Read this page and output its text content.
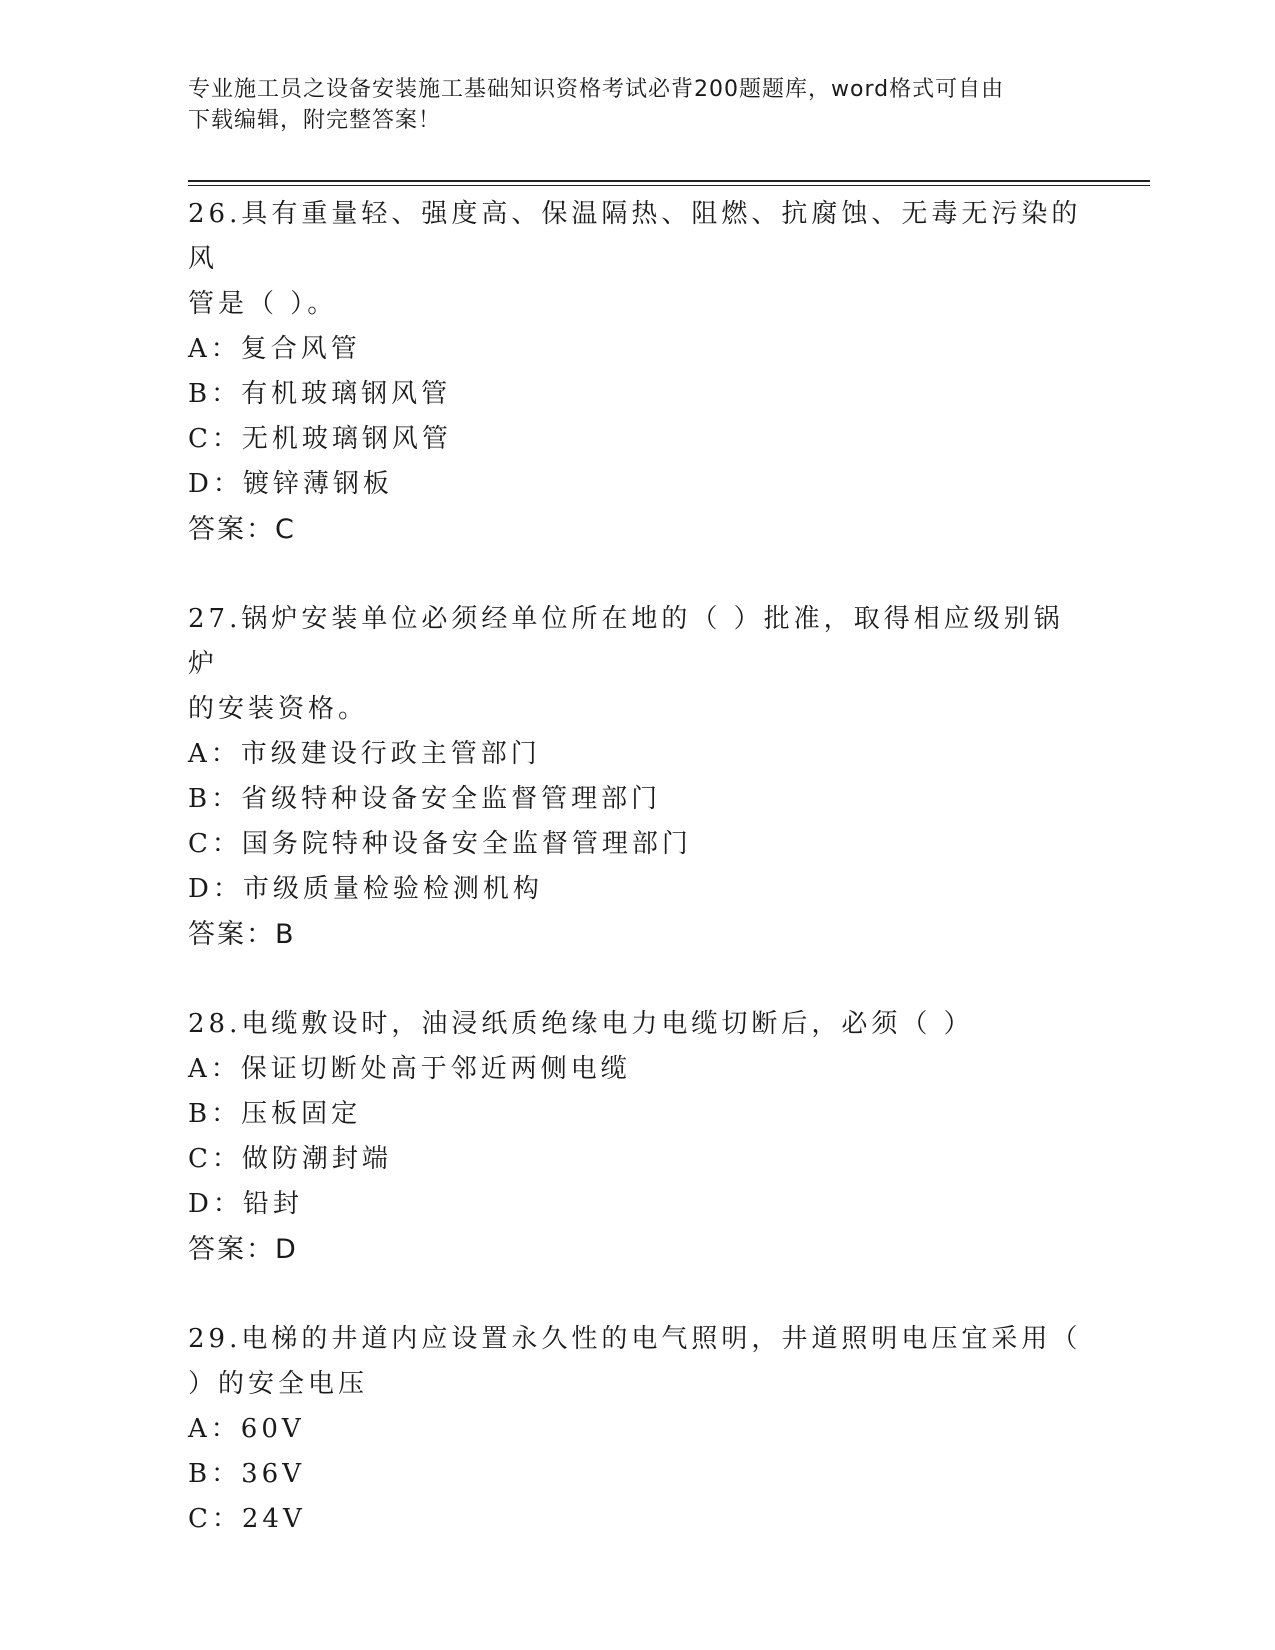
专业施工员之设备安装施工基础知识资格考试必背200题题库，word格式可自由
下载编辑，附完整答案！
26.具有重量轻、强度高、保温隔热、阻燃、抗腐蚀、无毒无污染的风
管是（ ）。
A：复合风管
B：有机玻璃钢风管
C：无机玻璃钢风管
D：镀锌薄钢板
答案：C
27.锅炉安装单位必须经单位所在地的（ ）批准，取得相应级别锅炉
的安装资格。
A：市级建设行政主管部门
B：省级特种设备安全监督管理部门
C：国务院特种设备安全监督管理部门
D：市级质量检验检测机构
答案：B
28.电缆敷设时，油浸纸质绝缘电力电缆切断后，必须（ ）
A：保证切断处高于邻近两侧电缆
B：压板固定
C：做防潮封端
D：铅封
答案：D
29.电梯的井道内应设置永久性的电气照明，井道照明电压宜采用（
）的安全电压
A：60V
B：36V
C：24V
